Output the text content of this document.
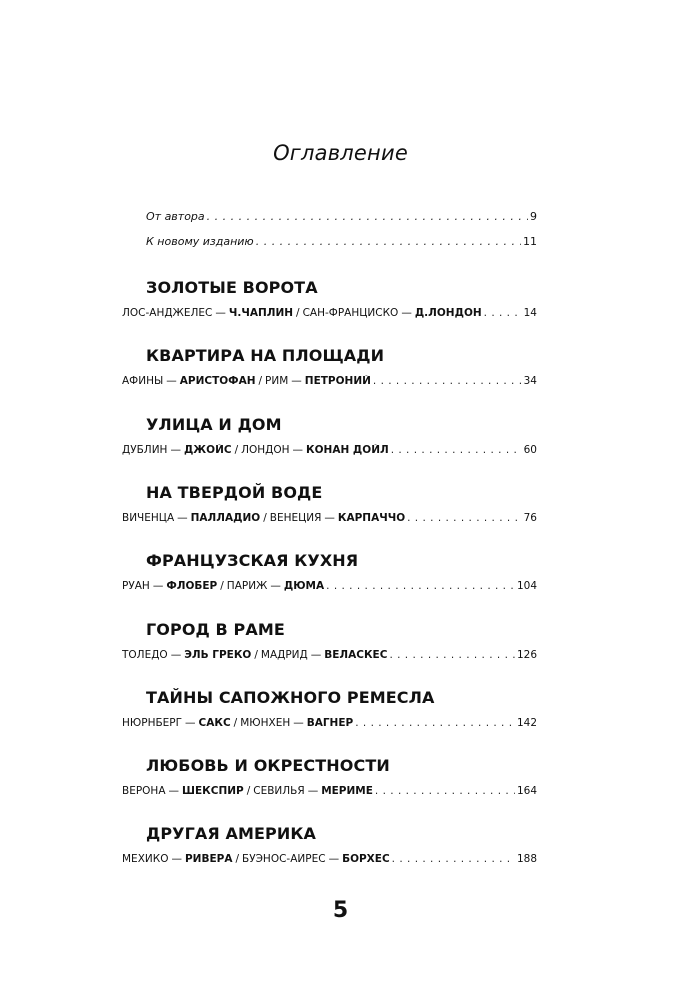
Оглавление
От автора . . .	9
К новому изданию . . .	11
ЗОЛОТЫЕ ВОРОТА
ЛОС-АНДЖЕЛЕС — Ч.ЧАПЛИН / САН-ФРАНЦИСКО — Д.ЛОНДОН . . .	14
КВАРТИРА НА ПЛОЩАДИ
АФИНЫ — АРИСТОФАН / РИМ — ПЕТРОНИЙ . . .	34
УЛИЦА И ДОМ
ДУБЛИН — ДЖОЙС / ЛОНДОН — КОНАН ДОЙЛ . . .	60
НА ТВЕРДОЙ ВОДЕ
ВИЧЕНЦА — ПАЛЛАДИО / ВЕНЕЦИЯ — КАРПАЧЧО . . .	76
ФРАНЦУЗСКАЯ КУХНЯ
РУАН — ФЛОБЕР / ПАРИЖ — ДЮМА . . .	104
ГОРОД В РАМЕ
ТОЛЕДО — ЭЛЬ ГРЕКО / МАДРИД — ВЕЛАСКЕС . . .	126
ТАЙНЫ САПОЖНОГО РЕМЕСЛА
НЮРНБЕРГ — САКС / МЮНХЕН — ВАГНЕР . . .	142
ЛЮБОВЬ И ОКРЕСТНОСТИ
ВЕРОНА — ШЕКСПИР / СЕВИЛЬЯ — МЕРИМЕ . . .	164
ДРУГАЯ АМЕРИКА
МЕХИКО — РИВЕРА / БУЭНОС-АЙРЕС — БОРХЕС . . .	188
5
